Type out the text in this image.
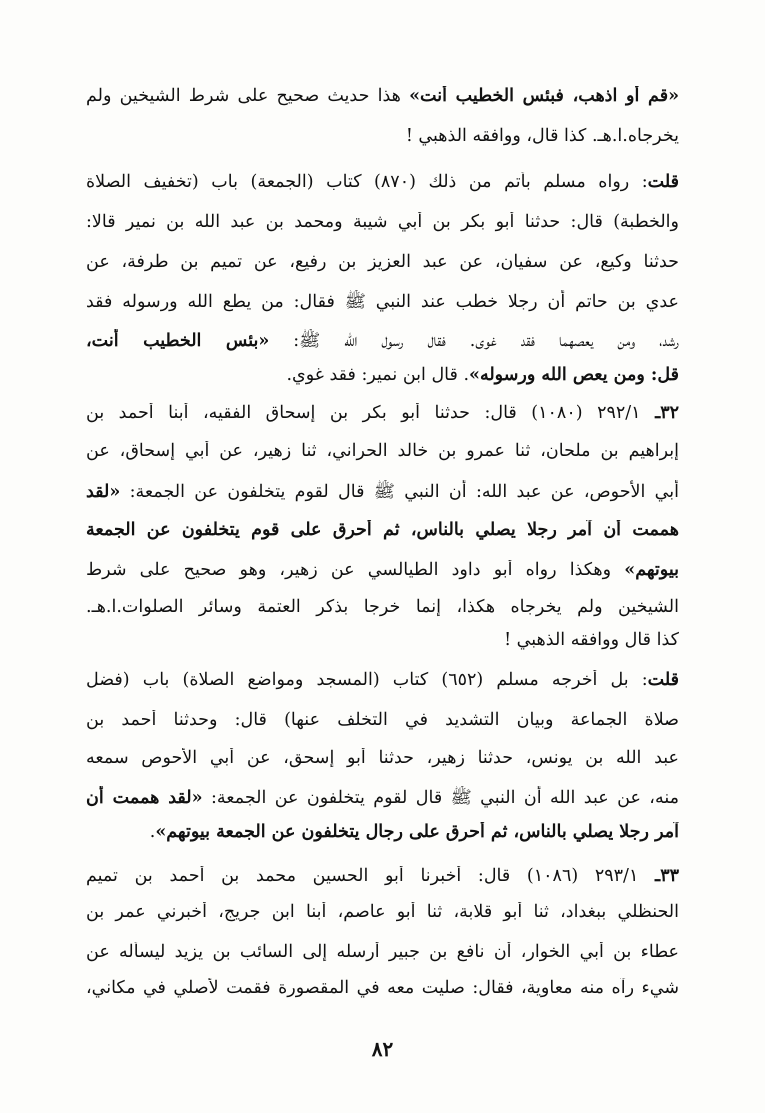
«قم أو اذهب، فبئس الخطيب أنت» هذا حديث صحيح على شرط الشيخين ولم
يخرجاه.ا.هـ. كذا قال، ووافقه الذهبي !
قلت: رواه مسلم بأتم من ذلك (٨٧٠) كتاب (الجمعة) باب (تخفيف الصلاة
والخطبة) قال: حدثنا أبو بكر بن أبي شيبة ومحمد بن عبد الله بن نمير قالا:
حدثنا وكيع، عن سفيان، عن عبد العزيز بن رفيع، عن تميم بن طرفة، عن
عدي بن حاتم أن رجلا خطب عند النبي ﷺ فقال: من يطع الله ورسوله فقد
رشد، ومن يعصهما فقد غوى. فقال رسول الله ﷺ: «بئس الخطيب أنت،
قل: ومن يعص الله ورسوله». قال ابن نمير: فقد غوي.
٣٢ـ ٢٩٢/١ (١٠٨٠) قال: حدثنا أبو بكر بن إسحاق الفقيه، أبنا أحمد بن
إبراهيم بن ملحان، ثنا عمرو بن خالد الحراني، ثنا زهير، عن أبي إسحاق، عن
أبي الأحوص، عن عبد الله: أن النبي ﷺ قال لقوم يتخلفون عن الجمعة: «لقد
هممت أن آمر رجلا يصلي بالناس، ثم أحرق على قوم يتخلفون عن الجمعة
بيوتهم» وهكذا رواه أبو داود الطيالسي عن زهير، وهو صحيح على شرط
الشيخين ولم يخرجاه هكذا، إنما خرجا بذكر العتمة وسائر الصلوات.ا.هـ.
كذا قال ووافقه الذهبي !
قلت: بل أخرجه مسلم (٦٥٢) كتاب (المسجد ومواضع الصلاة) باب (فضل
صلاة الجماعة وبيان التشديد في التخلف عنها) قال: وحدثنا أحمد بن
عبد الله بن يونس، حدثنا زهير، حدثنا أبو إسحق، عن أبي الأحوص سمعه
منه، عن عبد الله أن النبي ﷺ قال لقوم يتخلفون عن الجمعة: «لقد هممت أن
آمر رجلا يصلي بالناس، ثم أحرق على رجال يتخلفون عن الجمعة بيوتهم».
٣٣ـ ٢٩٣/١ (١٠٨٦) قال: أخبرنا أبو الحسين محمد بن أحمد بن تميم
الحنظلي ببغداد، ثنا أبو قلابة، ثنا أبو عاصم، أبنا ابن جريج، أخبرني عمر بن
عطاء بن أبي الخوار، أن نافع بن جبير أرسله إلى السائب بن يزيد ليسأله عن
شيء رآه منه معاوية، فقال: صليت معه في المقصورة فقمت لأصلي في مكاني،
٨٢
